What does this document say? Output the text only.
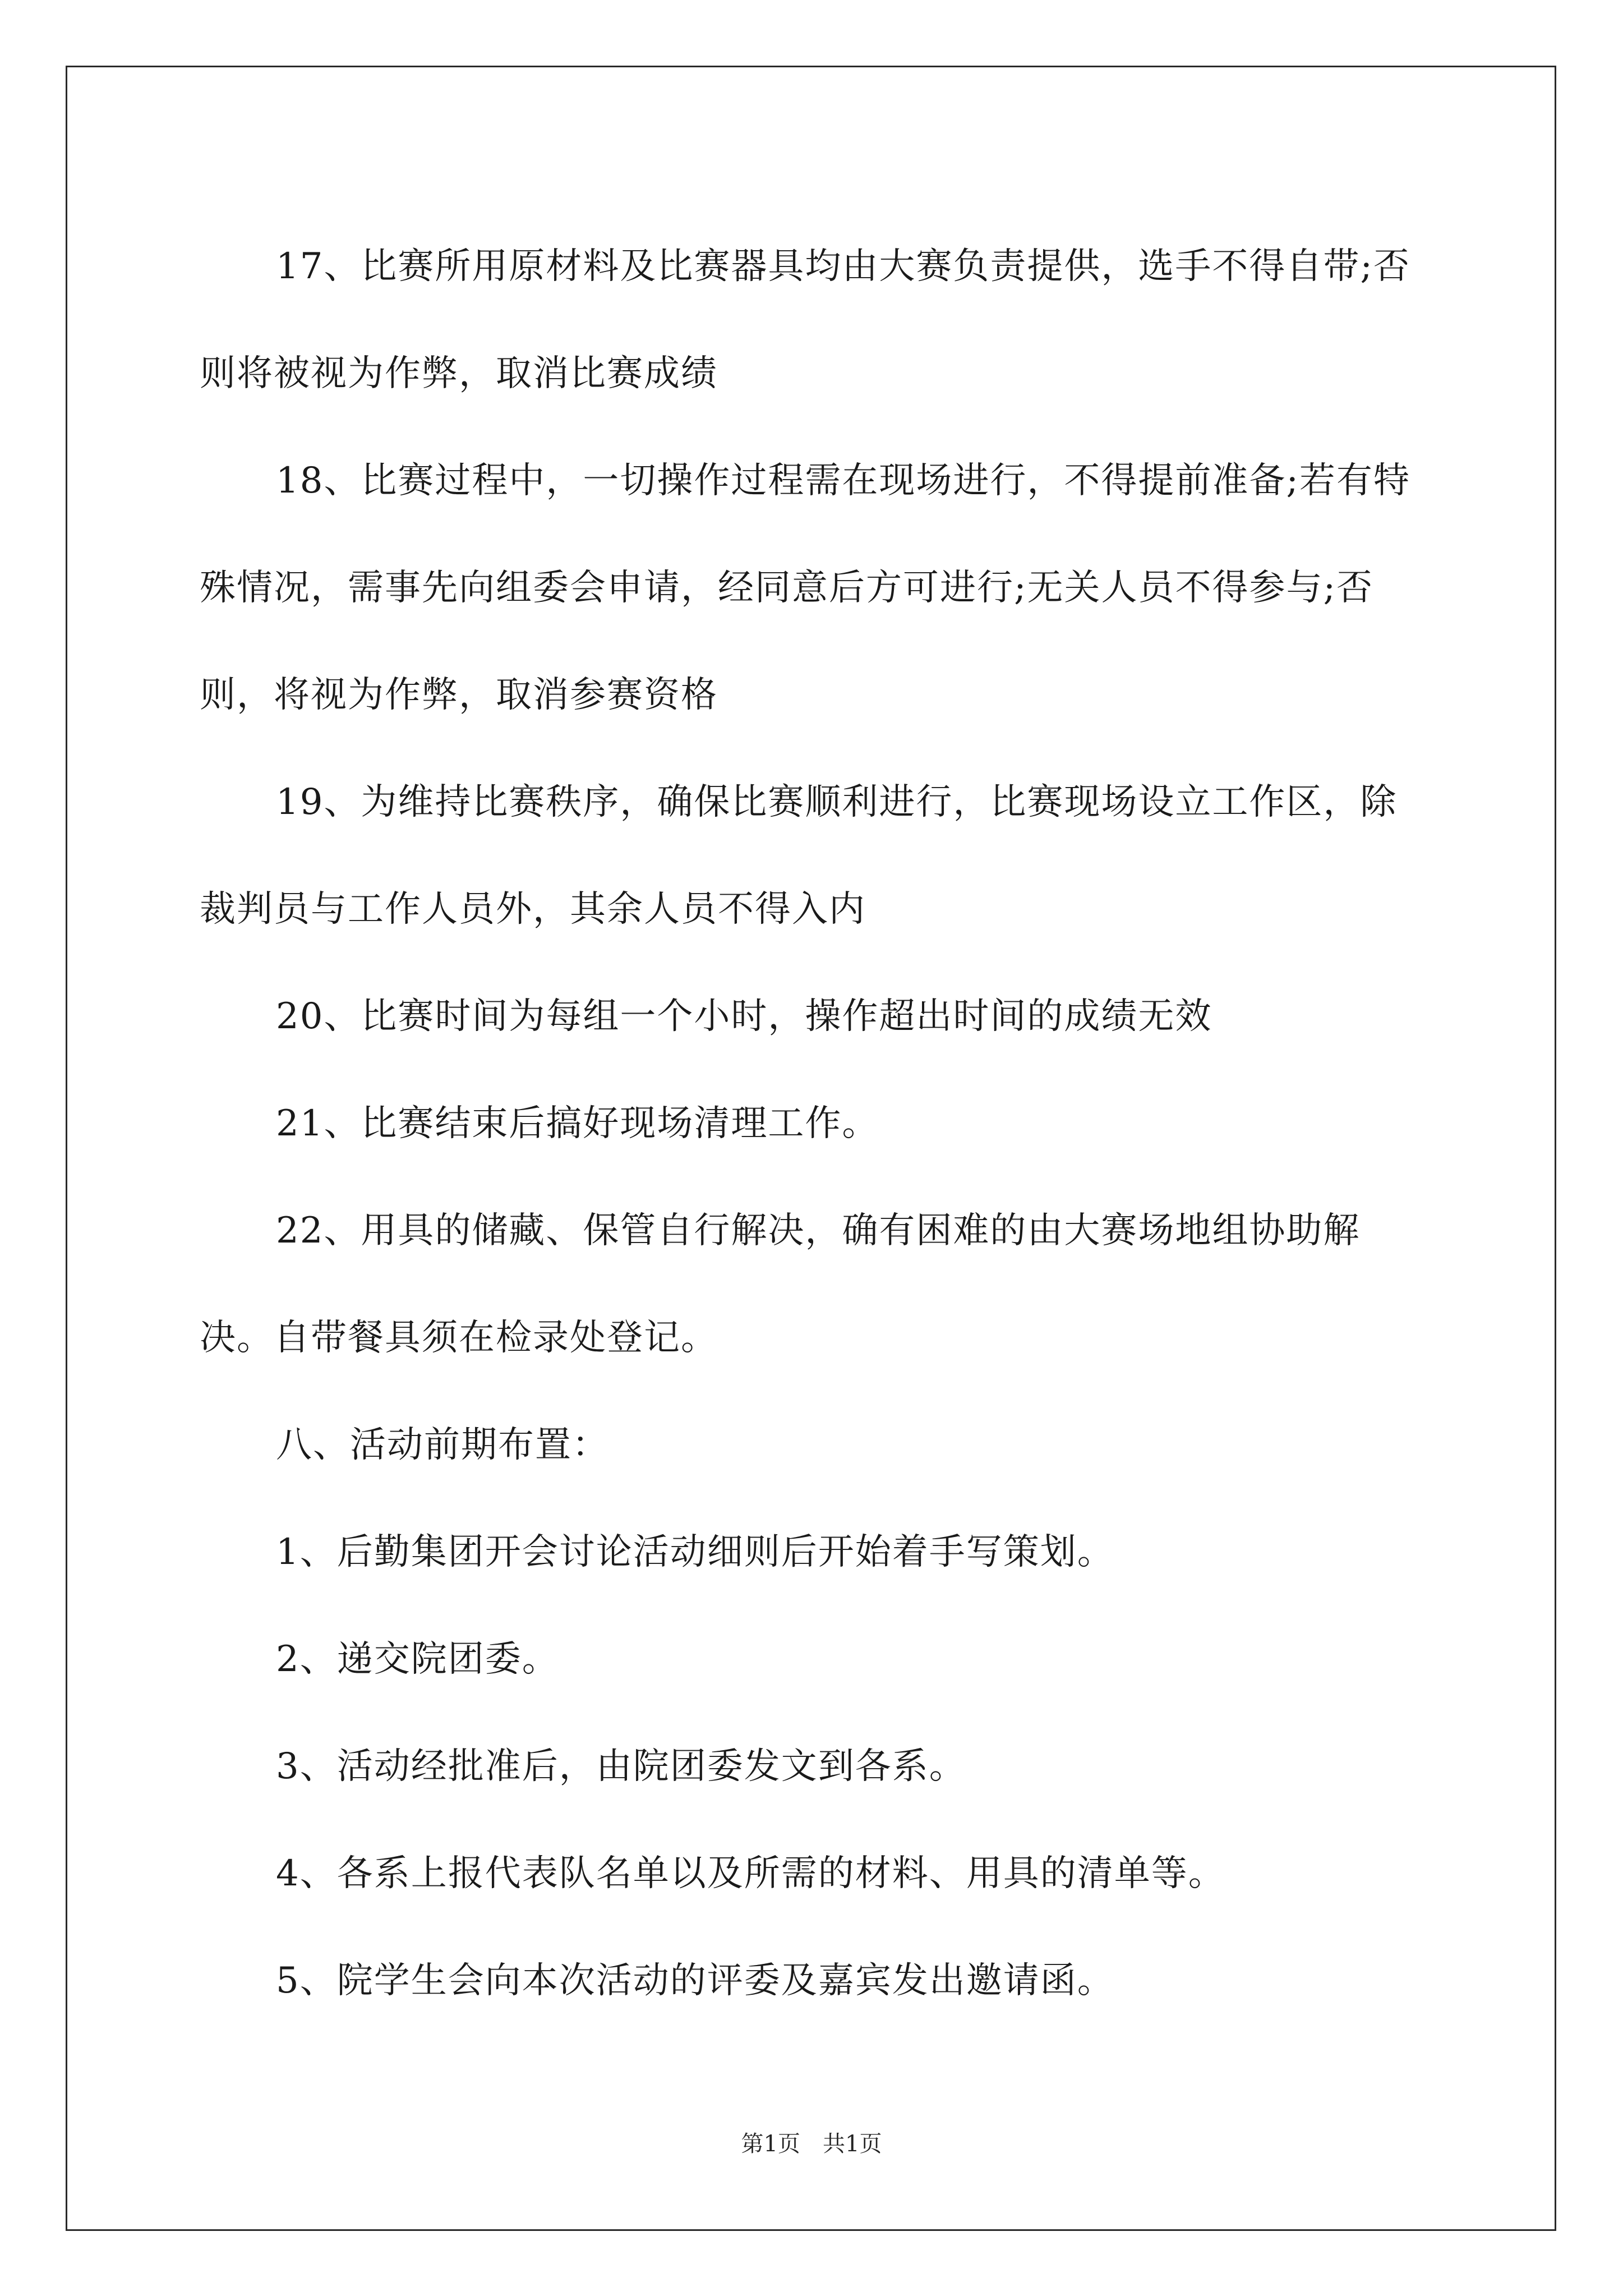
17、比赛所用原材料及比赛器具均由大赛负责提供，选手不得自带;否则将被视为作弊，取消比赛成绩

18、比赛过程中，一切操作过程需在现场进行，不得提前准备;若有特殊情况，需事先向组委会申请，经同意后方可进行;无关人员不得参与;否则，将视为作弊，取消参赛资格

19、为维持比赛秩序，确保比赛顺利进行，比赛现场设立工作区，除裁判员与工作人员外，其余人员不得入内

20、比赛时间为每组一个小时，操作超出时间的成绩无效

21、比赛结束后搞好现场清理工作。

22、用具的储藏、保管自行解决，确有困难的由大赛场地组协助解决。自带餐具须在检录处登记。

八、活动前期布置：

1、后勤集团开会讨论活动细则后开始着手写策划。

2、递交院团委。

3、活动经批准后，由院团委发文到各系。

4、各系上报代表队名单以及所需的材料、用具的清单等。

5、院学生会向本次活动的评委及嘉宾发出邀请函。

第1页　共1页
